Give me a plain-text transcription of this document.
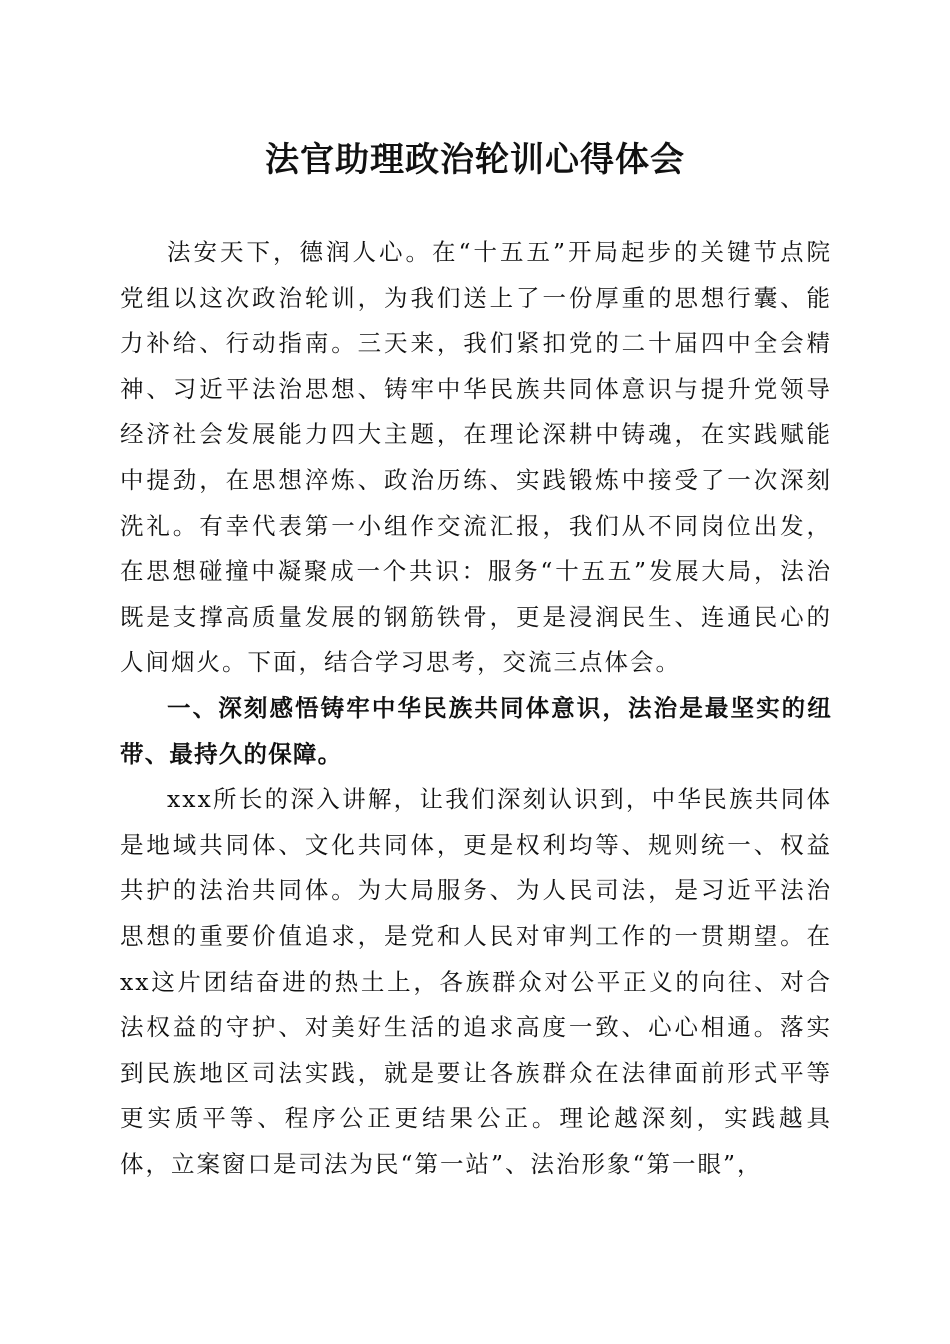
法官助理政治轮训心得体会

法安天下，德润人心。在“十五五”开局起步的关键节点院党组以这次政治轮训，为我们送上了一份厚重的思想行囊、能力补给、行动指南。三天来，我们紧扣党的二十届四中全会精神、习近平法治思想、铸牢中华民族共同体意识与提升党领导经济社会发展能力四大主题，在理论深耕中铸魂，在实践赋能中提劲，在思想淬炼、政治历练、实践锻炼中接受了一次深刻洗礼。有幸代表第一小组作交流汇报，我们从不同岗位出发，在思想碰撞中凝聚成一个共识：服务“十五五”发展大局，法治既是支撑高质量发展的钢筋铁骨，更是浸润民生、连通民心的人间烟火。下面，结合学习思考，交流三点体会。

一、深刻感悟铸牢中华民族共同体意识，法治是最坚实的纽带、最持久的保障。

xxx所长的深入讲解，让我们深刻认识到，中华民族共同体是地域共同体、文化共同体，更是权利均等、规则统一、权益共护的法治共同体。为大局服务、为人民司法，是习近平法治思想的重要价值追求，是党和人民对审判工作的一贯期望。在xx这片团结奋进的热土上，各族群众对公平正义的向往、对合法权益的守护、对美好生活的追求高度一致、心心相通。落实到民族地区司法实践，就是要让各族群众在法律面前形式平等更实质平等、程序公正更结果公正。理论越深刻，实践越具体，立案窗口是司法为民“第一站”、法治形象“第一眼”，
